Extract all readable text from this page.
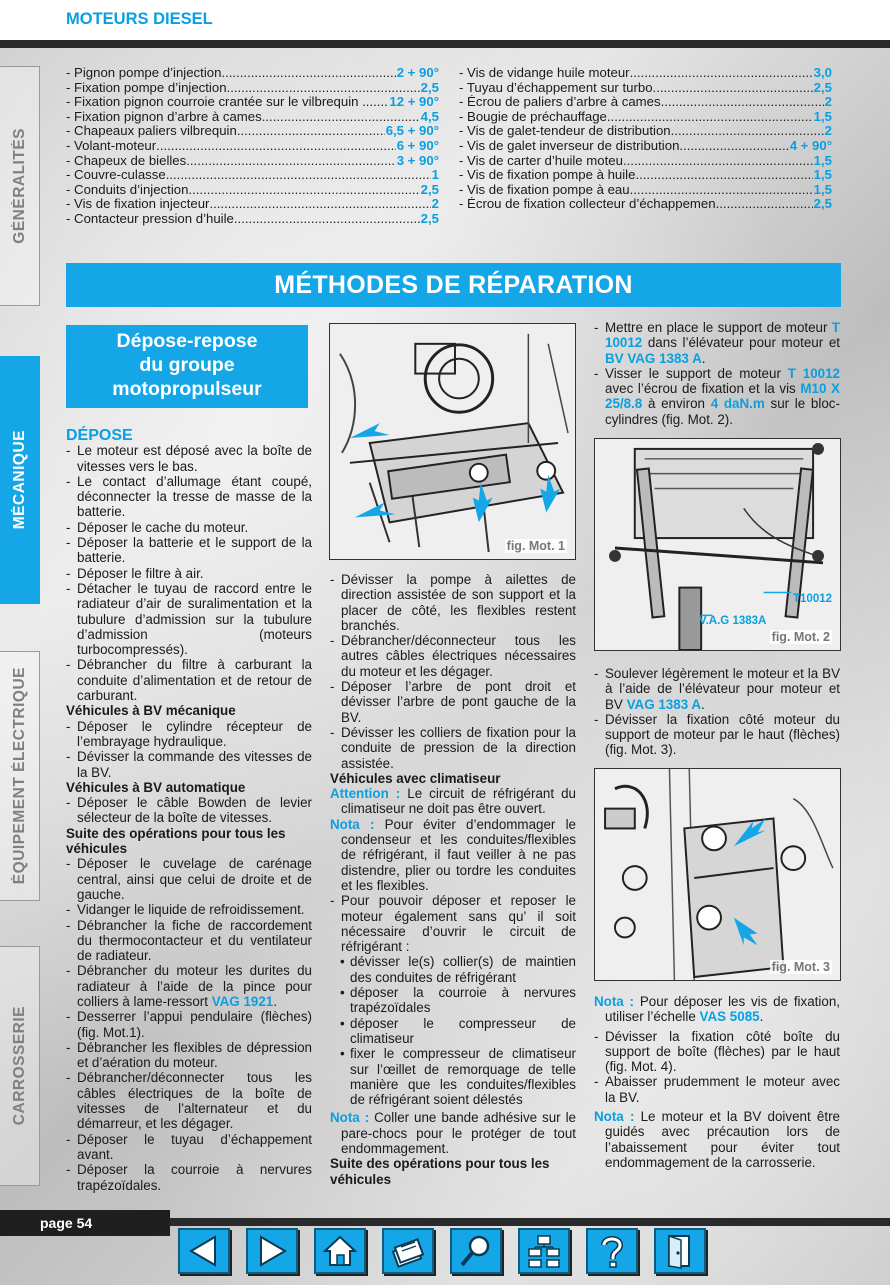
MOTEURS DIESEL
GÉNÉRALITÉS
MÉCANIQUE
ÉQUIPEMENT ÉLECTRIQUE
CARROSSERIE
- Pignon pompe d’injection .....	2 + 90°
- Fixation pompe d’injection .....	2,5
- Fixation pignon courroie crantée sur le vilbrequin ... ..... 12 + 90°
- Fixation pignon d’arbre à cames .....	4,5
- Chapeaux paliers vilbrequin .....	6,5 + 90°
- Volant-moteur .....	6 + 90°
- Chapeux de bielles .....	3 + 90°
- Couvre-culasse .....	1
- Conduits d’injection .....	2,5
- Vis de fixation injecteur .....	2
- Contacteur pression d’huile .....	2,5
- Vis de vidange huile moteur .....	3,0
- Tuyau d’échappement sur turbo .....	2,5
- Écrou de paliers d’arbre à cames .....	2
- Bougie de préchauffage .....	1,5
- Vis de galet-tendeur de distribution .....	2
- Vis de galet inverseur de distribution .....	4 + 90°
- Vis de carter d’huile moteu .....	1,5
- Vis de fixation pompe à huile .....	1,5
- Vis de fixation pompe à eau .....	1,5
- Écrou de fixation collecteur d’échappemen .....	2,5
MÉTHODES DE RÉPARATION
Dépose-repose
du groupe
motopropulseur

DÉPOSE

- Le moteur est déposé avec la boîte de vitesses vers le bas.

- Le contact d’allumage étant coupé, déconnecter la tresse de masse de la batterie.

- Déposer le cache du moteur.

- Déposer la batterie et le support de la batterie.

- Déposer le filtre à air.

- Détacher le tuyau de raccord entre le radiateur d’air de suralimentation et la tubulure d’admission sur la tubulure d’admission (moteurs turbocompressés).

- Débrancher du filtre à carburant la conduite d’alimentation et de retour de carburant.

Véhicules à BV mécanique

- Déposer le cylindre récepteur de l’embrayage hydraulique.

- Dévisser la commande des vitesses de la BV.

Véhicules à BV automatique

- Déposer le câble Bowden de levier sélecteur de la boîte de vitesses.

Suite des opérations pour tous les véhicules

- Déposer le cuvelage de carénage central, ainsi que celui de droite et de gauche.

- Vidanger le liquide de refroidissement.

- Débrancher la fiche de raccordement du thermocontacteur et du ventilateur de radiateur.

- Débrancher du moteur les durites du radiateur à l’aide de la pince pour colliers à lame-ressort VAG 1921.

- Desserrer l’appui pendulaire (flèches) (fig. Mot.1).

- Débrancher les flexibles de dépression et d’aération du moteur.

- Débrancher/déconnecter tous les câbles électriques de la boîte de vitesses de l’alternateur et du démarreur, et les dégager.

- Déposer le tuyau d’échappement avant.

- Déposer la courroie à nervures trapézoïdales.

fig. Mot. 1

- Dévisser la pompe à ailettes de direction assistée de son support et la placer de côté, les flexibles restent branchés.

- Débrancher/déconnecteur tous les autres câbles électriques nécessaires du moteur et les dégager.

- Déposer l’arbre de pont droit et dévisser l’arbre de pont gauche de la BV.

- Dévisser les colliers de fixation pour la conduite de pression de la direction assistée.

Véhicules avec climatiseur

Attention : Le circuit de réfrigérant du climatiseur ne doit pas être ouvert.

Nota : Pour éviter d’endommager le condenseur et les conduites/flexibles de réfrigérant, il faut veiller à ne pas distendre, plier ou tordre les conduites et les flexibles.

- Pour pouvoir déposer et reposer le moteur également sans qu’ il soit nécessaire d’ouvrir le circuit de réfrigérant :

• dévisser le(s) collier(s) de maintien des conduites de réfrigérant

• déposer la courroie à nervures trapézoïdales

• déposer le compresseur de climatiseur

• fixer le compresseur de climatiseur sur l’œillet de remorquage de telle manière que les conduites/flexibles de réfrigérant soient délestés

Nota : Coller une bande adhésive sur le pare-chocs pour le protéger de tout endommagement.

Suite des opérations pour tous les véhicules

- Mettre en place le support de moteur T 10012 dans l’élévateur pour moteur et BV VAG 1383 A.

- Visser le support de moteur T 10012 avec l’écrou de fixation et la vis M10 X 25/8.8 à environ 4 daN.m sur le bloc-cylindres (fig. Mot. 2).

T10012
V.A.G 1383A
fig. Mot. 2

- Soulever légèrement le moteur et la BV à l’aide de l’élévateur pour moteur et BV VAG 1383 A.

- Dévisser la fixation côté moteur du support de moteur par le haut (flèches) (fig. Mot. 3).

fig. Mot. 3

Nota : Pour déposer les vis de fixation, utiliser l’échelle VAS 5085.

- Dévisser la fixation côté boîte du support de boîte (flèches) par le haut (fig. Mot. 4).

- Abaisser prudemment le moteur avec la BV.

Nota : Le moteur et la BV doivent être guidés avec précaution lors de l’abaissement pour éviter tout endommagement de la carrosserie.

page 54
